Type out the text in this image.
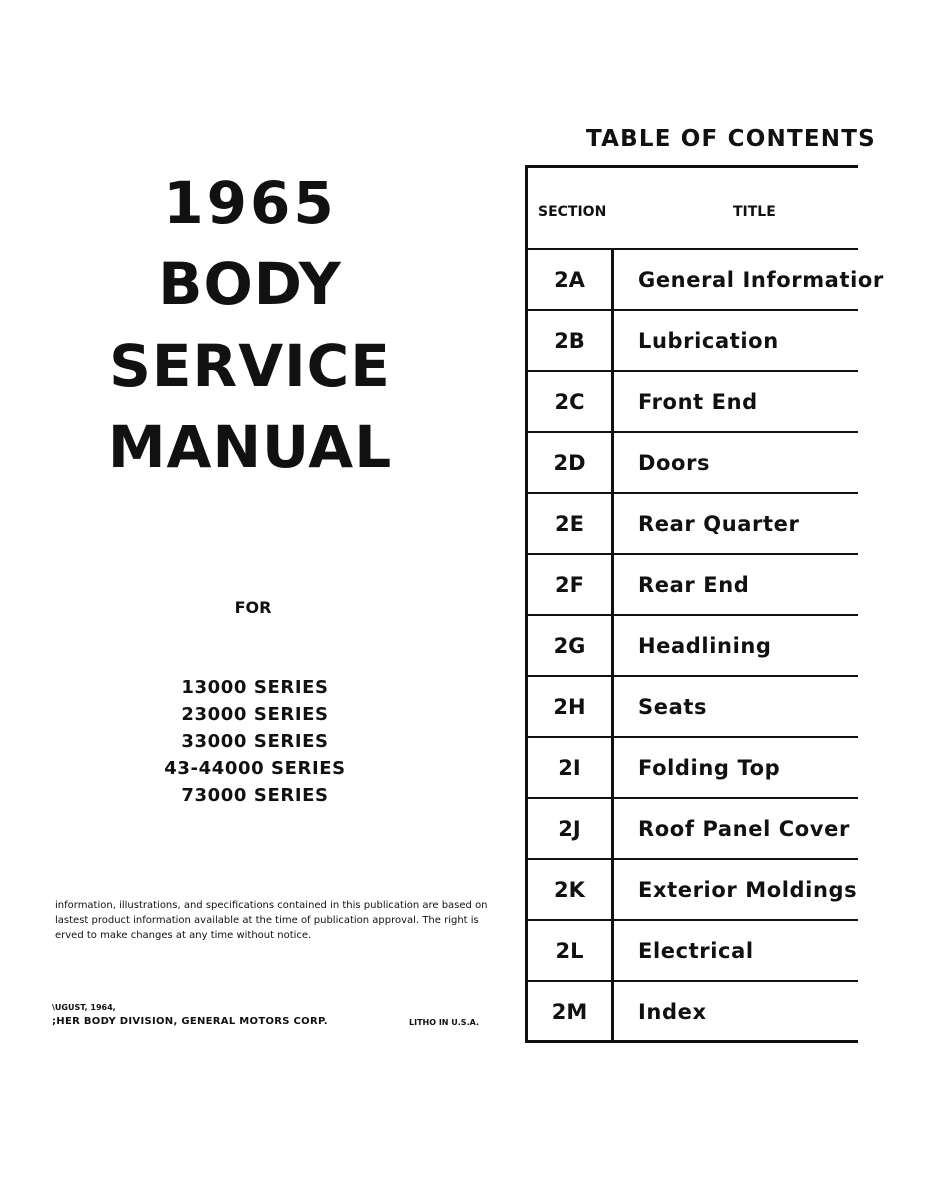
1965
BODY
SERVICE
MANUAL
FOR
13000 SERIES
23000 SERIES
33000 SERIES
43-44000 SERIES
73000 SERIES
information, illustrations, and specifications contained in this publication are based on
lastest product information available at the time of publication approval. The right is
erved to make changes at any time without notice.
\UGUST, 1964,
;HER BODY DIVISION, GENERAL MOTORS CORP.	LITHO IN U.S.A.
TABLE OF CONTENTS
SECTION	TITLE
2A	General Informatior
2B	Lubrication
2C	Front End
2D	Doors
2E	Rear Quarter
2F	Rear End
2G	Headlining
2H	Seats
2I	Folding Top
2J	Roof Panel Cover
2K	Exterior Moldings
2L	Electrical
2M	Index
